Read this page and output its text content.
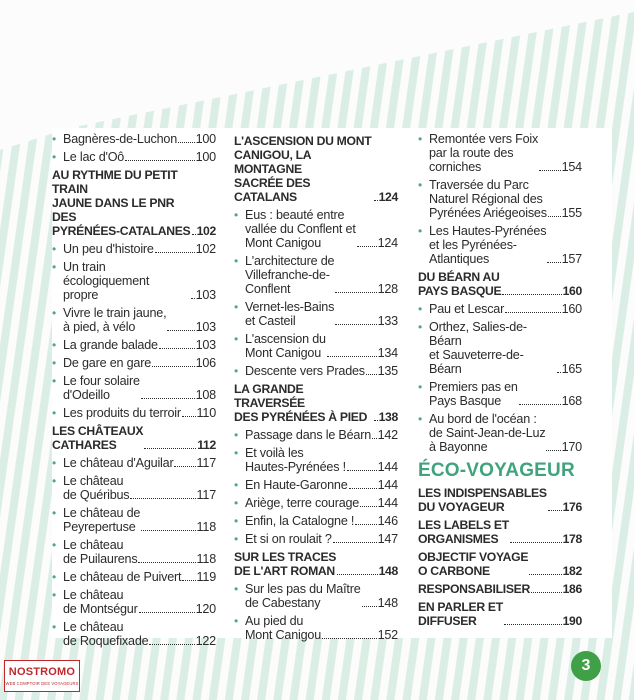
• Bagnères-de-Luchon 100
• Le lac d'Oô	100
AU RYTHME DU PETIT TRAIN
JAUNE DANS LE PNR DES
PYRÉNÉES-CATALANES 102
• Un peu d'histoire	102
• Un train écologiquement
propre	103
• Vivre le train jaune,
à pied, à vélo	103
• La grande balade	103
• De gare en gare	106
• Le four solaire
d'Odeillo	108
• Les produits du terroir 110
LES CHÂTEAUX
CATHARES	112
• Le château d'Aguilar 117
• Le château
de Quéribus	117
• Le château de
Peyrepertuse	118
• Le château
de Puilaurens	118
• Le château de Puivert 119
• Le château
de Montségur	120
• Le château
de Roquefixade	122
L'ASCENSION DU MONT
CANIGOU, LA MONTAGNE
SACRÉE DES CATALANS	124
• Eus : beauté entre
vallée du Conflent et
Mont Canigou	124
• L'architecture de
Villefranche-de-
Conflent	128
• Vernet-les-Bains
et Casteil	133
• L'ascension du
Mont Canigou	134
• Descente vers Prades 135
LA GRANDE TRAVERSÉE
DES PYRÉNÉES À PIED 138
• Passage dans le Béarn 142
• Et voilà les
Hautes-Pyrénées !	144
• En Haute-Garonne 144
• Ariège, terre courage 144
• Enfin, la Catalogne ! 146
• Et si on roulait ?	147
SUR LES TRACES
DE L'ART ROMAN	148
• Sur les pas du Maître
de Cabestany	148
• Au pied du
Mont Canigou	152
• Remontée vers Foix
par la route des
corniches	154
• Traversée du Parc
Naturel Régional des
Pyrénées Ariégeoises 155
• Les Hautes-Pyrénées
et les Pyrénées-
Atlantiques	157
DU BÉARN AU
PAYS BASQUE	160
• Pau et Lescar	160
• Orthez, Salies-de-Béarn
et Sauveterre-de-Béarn	165
• Premiers pas en
Pays Basque	168
• Au bord de l'océan :
de Saint-Jean-de-Luz
à Bayonne	170
ÉCO-VOYAGEUR
LES INDISPENSABLES
DU VOYAGEUR	176
LES LABELS ET
ORGANISMES	178
OBJECTIF VOYAGE
O CARBONE	182
RESPONSABILISER	186
EN PARLER ET
DIFFUSER	190
3
NOSTROMO
WEB COMPTOIR DES VOYAGEURS
